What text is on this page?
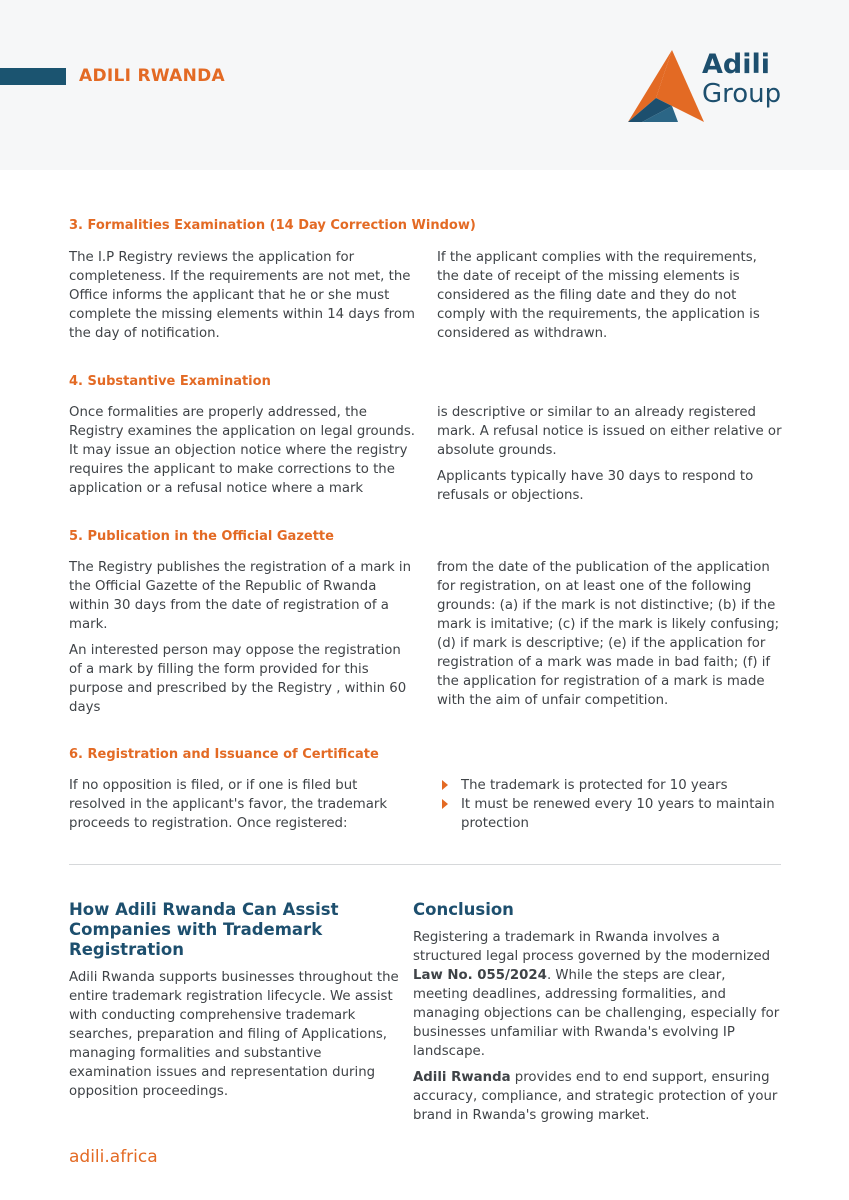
ADILI RWANDA	Adili
Group
3. Formalities Examination (14 Day Correction Window)

The I.P Registry reviews the application for completeness. If the requirements are not met, the Office informs the applicant that he or she must complete the missing elements within 14 days from the day of notification.

If the applicant complies with the requirements, the date of receipt of the missing elements is considered as the filing date and they do not comply with the requirements, the application is considered as withdrawn.

4. Substantive Examination

Once formalities are properly addressed, the Registry examines the application on legal grounds. It may issue an objection notice where the registry requires the applicant to make corrections to the application or a refusal notice where a mark

is descriptive or similar to an already registered mark. A refusal notice is issued on either relative or absolute grounds.

Applicants typically have 30 days to respond to refusals or objections.

5. Publication in the Official Gazette

The Registry publishes the registration of a mark in the Official Gazette of the Republic of Rwanda within 30 days from the date of registration of a mark.

An interested person may oppose the registration of a mark by filling the form provided for this purpose and prescribed by the Registry , within 60 days

from the date of the publication of the application for registration, on at least one of the following grounds: (a) if the mark is not distinctive; (b) if the mark is imitative; (c) if the mark is likely confusing; (d) if mark is descriptive; (e) if the application for registration of a mark was made in bad faith; (f) if the application for registration of a mark is made with the aim of unfair competition.

6. Registration and Issuance of Certificate

If no opposition is filed, or if one is filed but resolved in the applicant's favor, the trademark proceeds to registration. Once registered:

The trademark is protected for 10 years
It must be renewed every 10 years to maintain protection
How Adili Rwanda Can Assist Companies with Trademark Registration

Adili Rwanda supports businesses throughout the entire trademark registration lifecycle. We assist with conducting comprehensive trademark searches, preparation and filing of Applications, managing formalities and substantive examination issues and representation during opposition proceedings.

Conclusion

Registering a trademark in Rwanda involves a structured legal process governed by the modernized Law No. 055/2024. While the steps are clear, meeting deadlines, addressing formalities, and managing objections can be challenging, especially for businesses unfamiliar with Rwanda's evolving IP landscape.

Adili Rwanda provides end to end support, ensuring accuracy, compliance, and strategic protection of your brand in Rwanda's growing market.

adili.africa
